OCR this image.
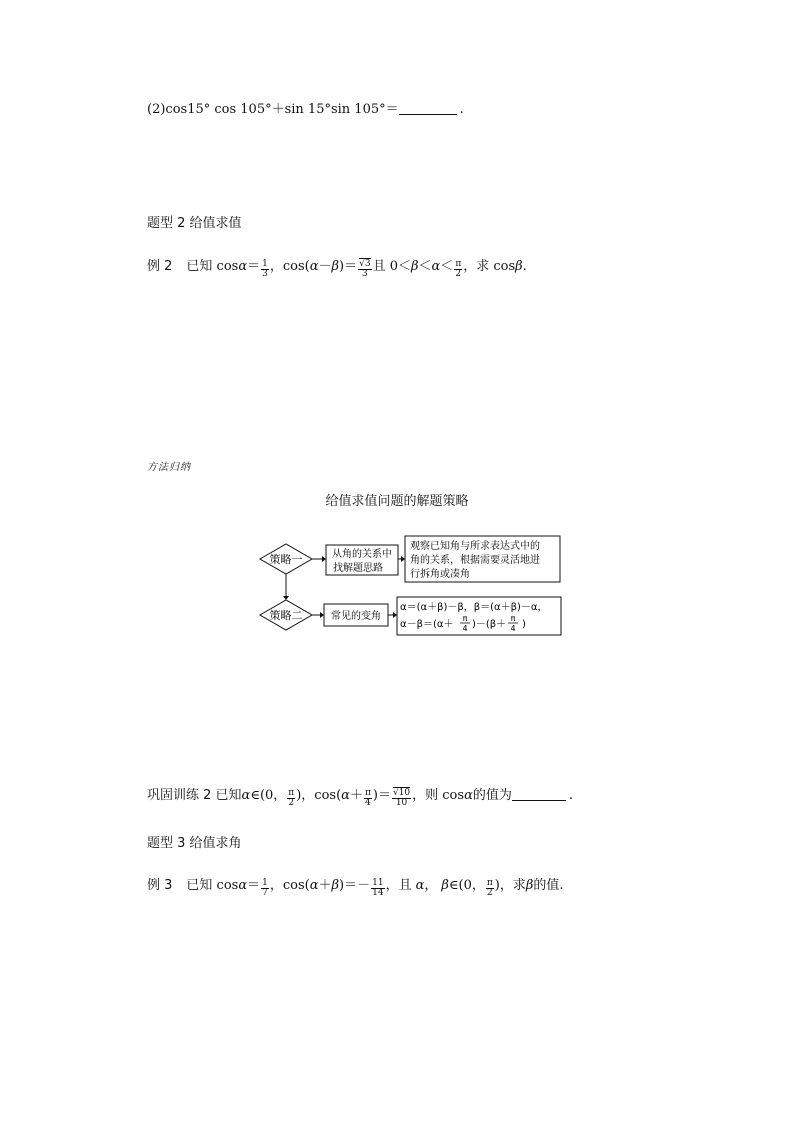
(2)cos15° cos 105°＋sin 15°sin 105°＝	.
题型 2 给值求值
例 2 已知 $\cos\alpha= \frac{1}{3}$ ，$\cos(\alpha-\beta)= \frac{√3}{3}$ 且 $0<\beta<\alpha< \frac{\pi}{2}$ ，求 cosβ.
方法归纳
给值求值问题的解题策略
策略一	从角的关系中
找解题思路
观察已知角与所求表达式中的
角的关系，根据需要灵活地进
行拆角或凑角
策略二	常见的变角
α＝(α＋β)－β，β＝(α＋β)－α，
α－β＝(α＋
π
4 )－(β＋
π
4 )
巩固训练 2 已知α∈(0， $\frac{\pi}{2}$ )，$\cos(\alpha+ \frac{\pi}{4}$ )＝ $\frac{√10}{10}$ ，则 cosα的值为	.
题型 3 给值求角
例 3 已知 $\cos\alpha= \frac{1}{7}$ ，$\cos(\alpha+\beta)=- \frac{11}{14}$ ，且 α， β∈(0， $\frac{\pi}{2}$ )，求β的值.
